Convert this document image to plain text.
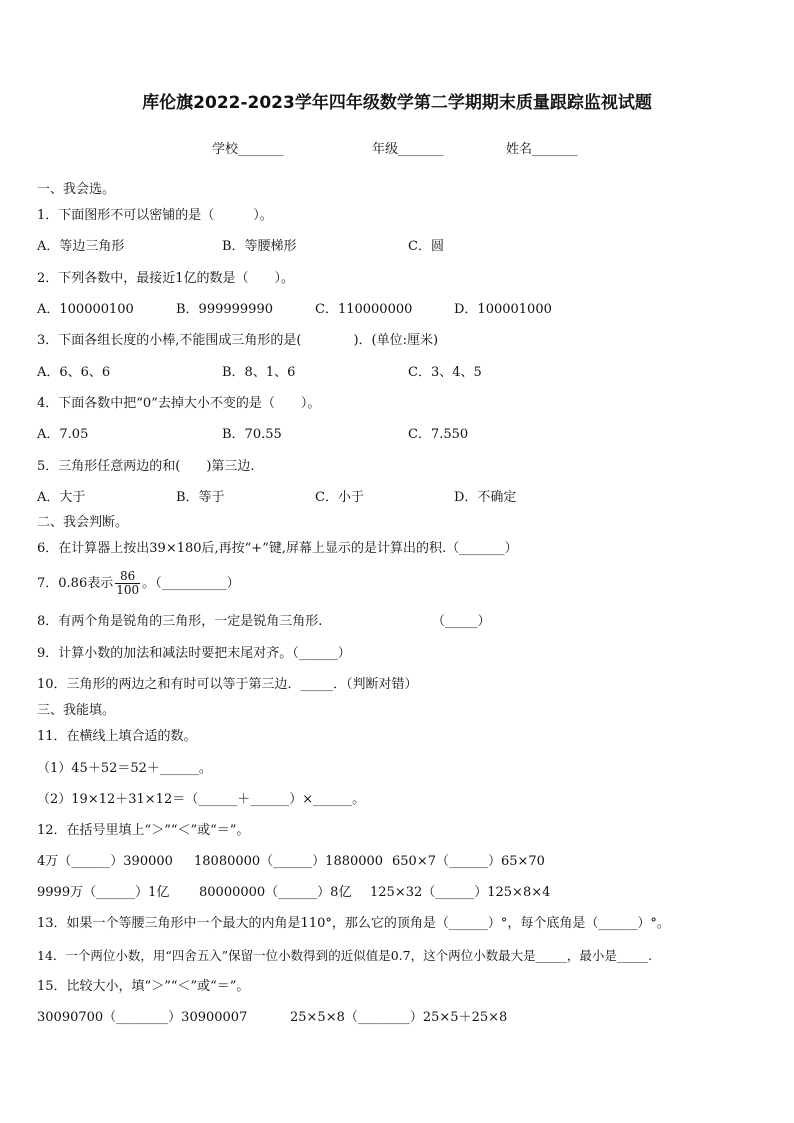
库伦旗2022-2023学年四年级数学第二学期期末质量跟踪监视试题
学校_______	年级_______	姓名_______
一、我会选。
1．下面图形不可以密铺的是（　　　）。
A．等边三角形	B．等腰梯形	C．圆
2．下列各数中，最接近1亿的数是（　　）。
A．100000100	B．999999990	C．110000000	D．100001000
3．下面各组长度的小棒,不能围成三角形的是(　　　　)．(单位:厘米)
A．6、6、6	B．8、1、6	C．3、4、5
4．下面各数中把“0”去掉大小不变的是（　　）。
A．7.05	B．70.55	C．7.550
5．三角形任意两边的和(　　)第三边.
A．大于	B．等于	C．小于	D．不确定
二、我会判断。
6．在计算器上按出39×180后,再按“+”键,屏幕上显示的是计算出的积.（_______）
7．0.86表示 $\frac{86}{100}$ 。（__________）
8．有两个角是锐角的三角形，一定是锐角三角形.	（_____）
9．计算小数的加法和减法时要把末尾对齐。（______）
10．三角形的两边之和有时可以等于第三边．_____．（判断对错）
三、我能填。
11．在横线上填合适的数。
（1）45＋52＝52＋______。
（2）19×12＋31×12＝（______＋______）×______。
12．在括号里填上“＞”“＜”或“＝”。
4万（______）390000 18080000（______）1880000 650×7（______）65×70
9999万（______）1亿 80000000（______）8亿 125×32（______）125×8×4
13．如果一个等腰三角形中一个最大的内角是110°，那么它的顶角是（______）°，每个底角是（______）°。
14．一个两位小数，用“四舍五入”保留一位小数得到的近似值是0.7，这个两位小数最大是_____，最小是_____.
15．比较大小，填“＞”“＜”或“＝”。
30090700（________）30900007	25×5×8（________）25×5＋25×8
